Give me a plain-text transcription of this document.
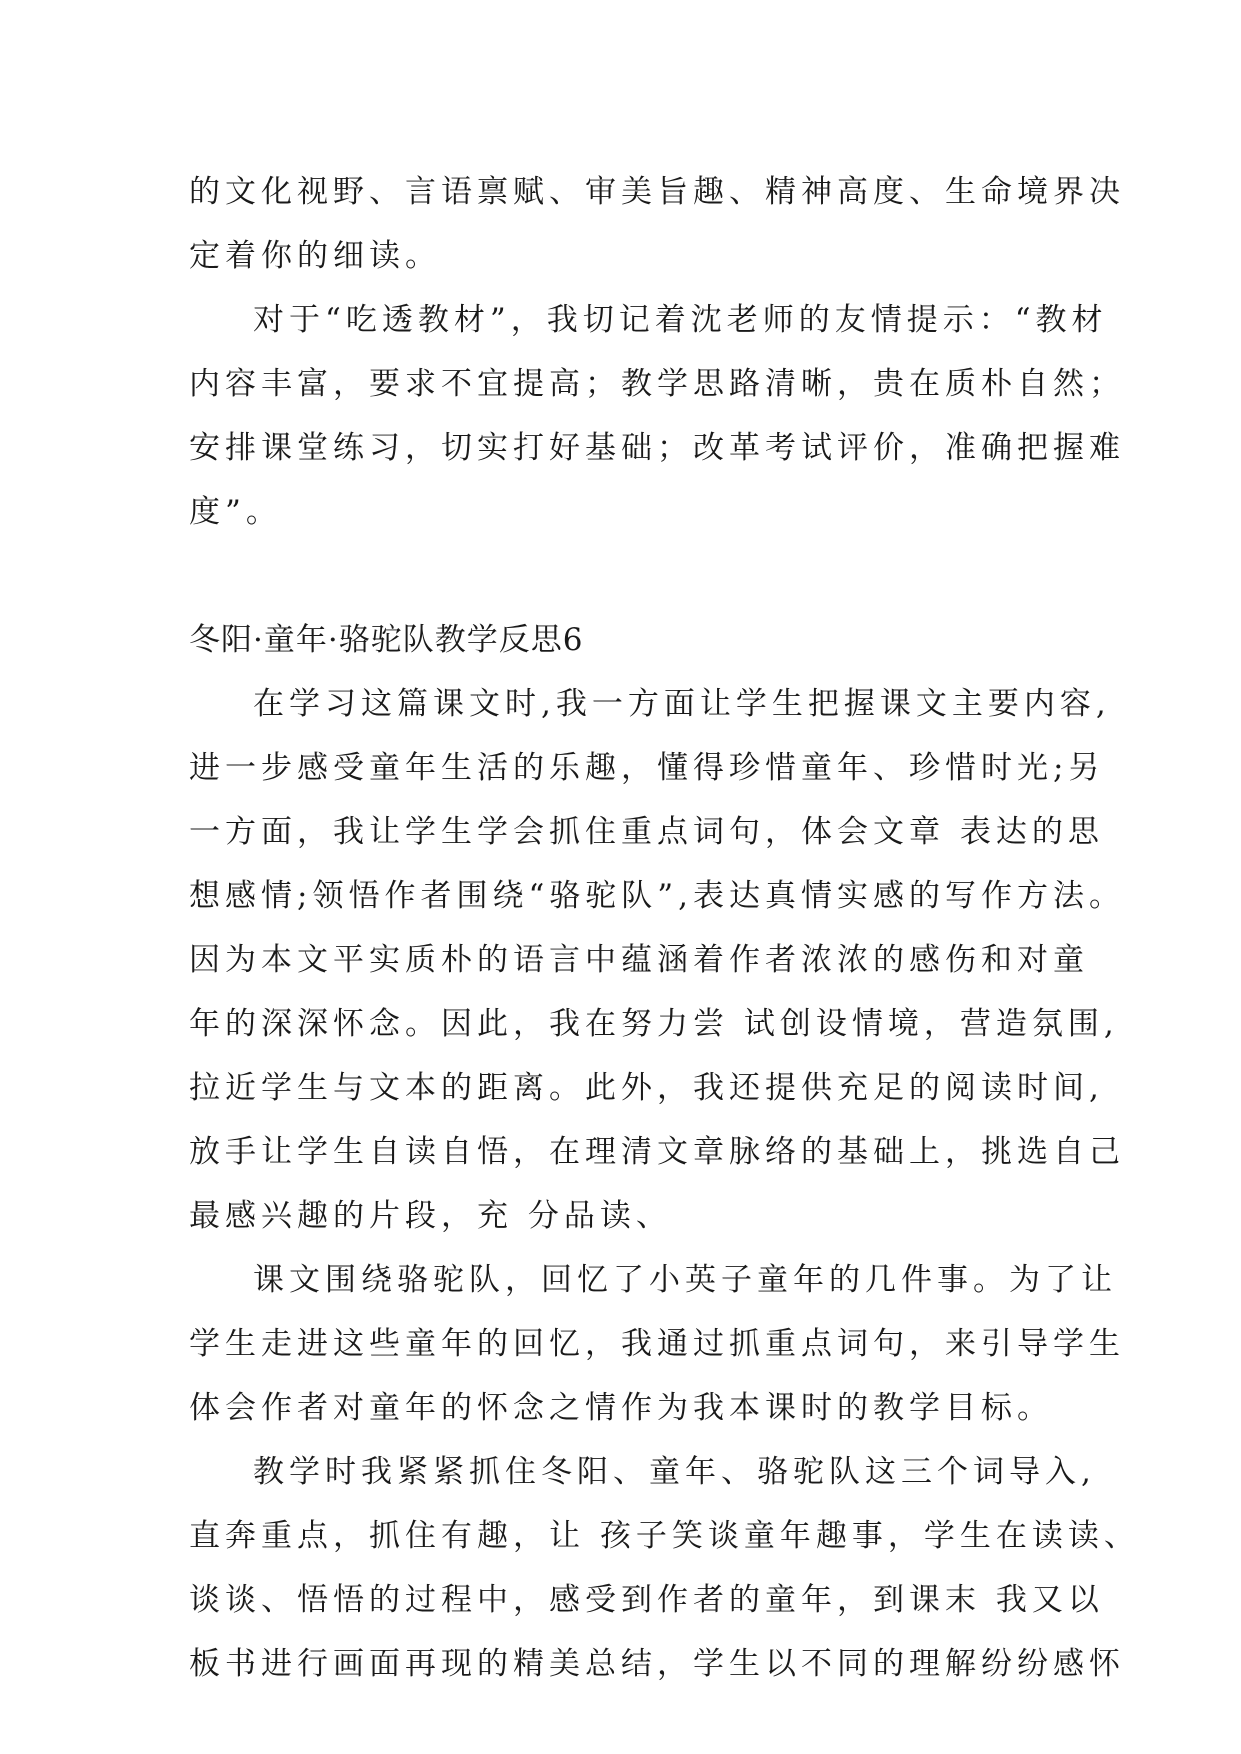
的文化视野、言语禀赋、审美旨趣、精神高度、生命境界决
定着你的细读。
对于“吃透教材”，我切记着沈老师的友情提示：“教材
内容丰富，要求不宜提高；教学思路清晰，贵在质朴自然；
安排课堂练习，切实打好基础；改革考试评价，准确把握难
度”。
冬阳·童年·骆驼队教学反思6
在学习这篇课文时,我一方面让学生把握课文主要内容,
进一步感受童年生活的乐趣，懂得珍惜童年、珍惜时光;另
一方面，我让学生学会抓住重点词句，体会文章 表达的思
想感情;领悟作者围绕“骆驼队”,表达真情实感的写作方法。
因为本文平实质朴的语言中蕴涵着作者浓浓的感伤和对童
年的深深怀念。因此，我在努力尝 试创设情境，营造氛围,
拉近学生与文本的距离。此外，我还提供充足的阅读时间,
放手让学生自读自悟，在理清文章脉络的基础上，挑选自己
最感兴趣的片段，充 分品读、
课文围绕骆驼队，回忆了小英子童年的几件事。为了让
学生走进这些童年的回忆，我通过抓重点词句，来引导学生
体会作者对童年的怀念之情作为我本课时的教学目标。
教学时我紧紧抓住冬阳、童年、骆驼队这三个词导入,
直奔重点，抓住有趣，让 孩子笑谈童年趣事，学生在读读、
谈谈、悟悟的过程中，感受到作者的童年，到课末 我又以
板书进行画面再现的精美总结，学生以不同的理解纷纷感怀
